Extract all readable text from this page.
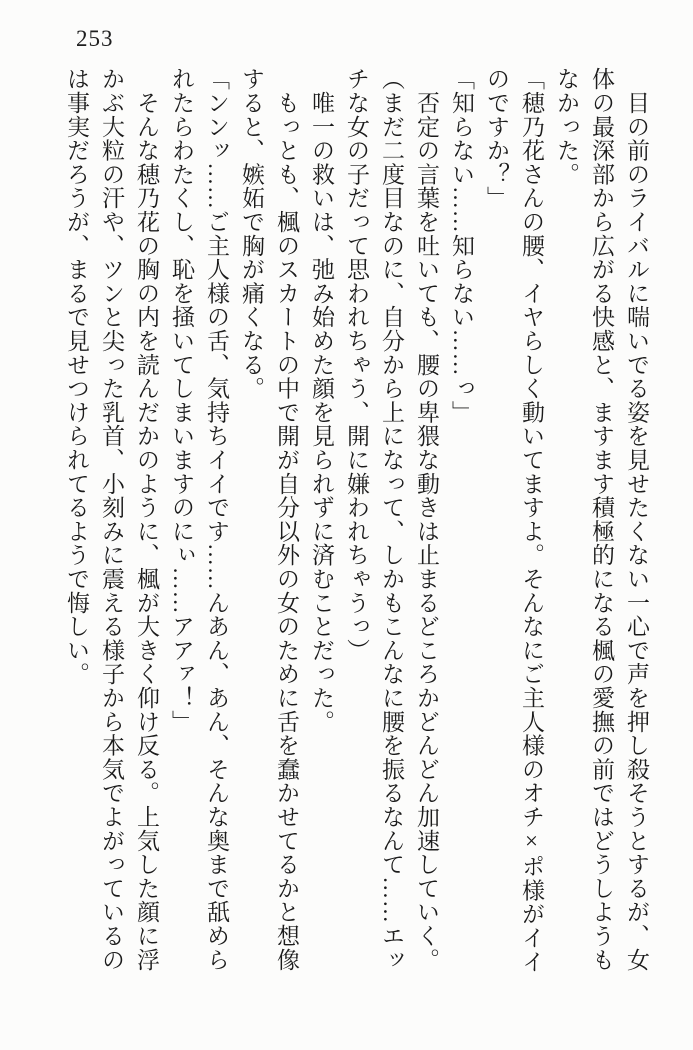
253

　目の前のライバルに喘いでる姿を見せたくない一心で声を押し殺そうとするが、女

体の最深部から広がる快感と、ますます積極的になる楓の愛撫の前ではどうしようも

なかった。

「穂乃花さんの腰、イヤらしく動いてますよ。そんなにご主人様のオチ×ポ様がイイ

のですか？」

「知らない……知らない……っ」

　否定の言葉を吐いても、腰の卑猥な動きは止まるどころかどんどん加速していく。

（まだ二度目なのに、自分から上になって、しかもこんなに腰を振るなんて……エッ

チな女の子だって思われちゃう、開に嫌われちゃうっ）

　唯一の救いは、弛み始めた顔を見られずに済むことだった。

　もっとも、楓のスカートの中で開が自分以外の女のために舌を蠢かせてるかと想像

すると、嫉妬で胸が痛くなる。

「ンンッ……ご主人様の舌、気持ちイイです……んあん、あん、そんな奥まで舐めら

れたらわたくし、恥を掻いてしまいますのにぃ……アアァ！」

　そんな穂乃花の胸の内を読んだかのように、楓が大きく仰け反る。上気した顔に浮

かぶ大粒の汗や、ツンと尖った乳首、小刻みに震える様子から本気でよがっているの

は事実だろうが、まるで見せつけられてるようで悔しい。
